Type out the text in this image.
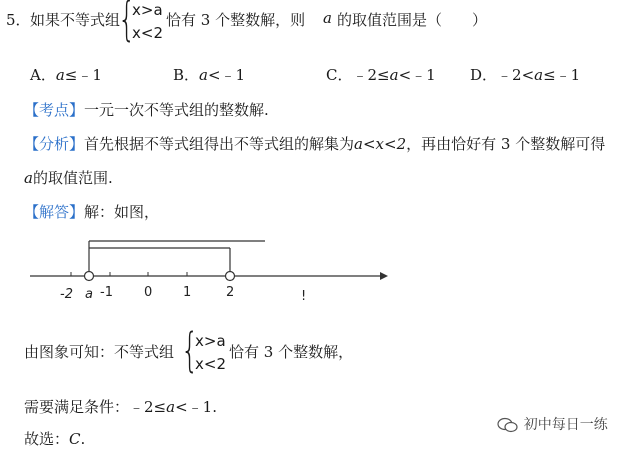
5． 如果不等式组
{
x>a
x<2
恰有 3 个整数解，则 a 的取值范围是（　　）
A．a≤﹣1	B．a<﹣1	C．﹣2≤a<﹣1 D．﹣2<a≤﹣1
【考点】一元一次不等式组的整数解.
【分析】首先根据不等式组得出不等式组的解集为a<x<2，再由恰好有 3 个整数解可得
a的取值范围.
【解答】解：如图，
-2 a -1 0 1	2	!
由图象可知：不等式组 {
x>a
x<2
恰有 3 个整数解，
需要满足条件：﹣2≤a<﹣1.
故选：C.
初中每日一练
